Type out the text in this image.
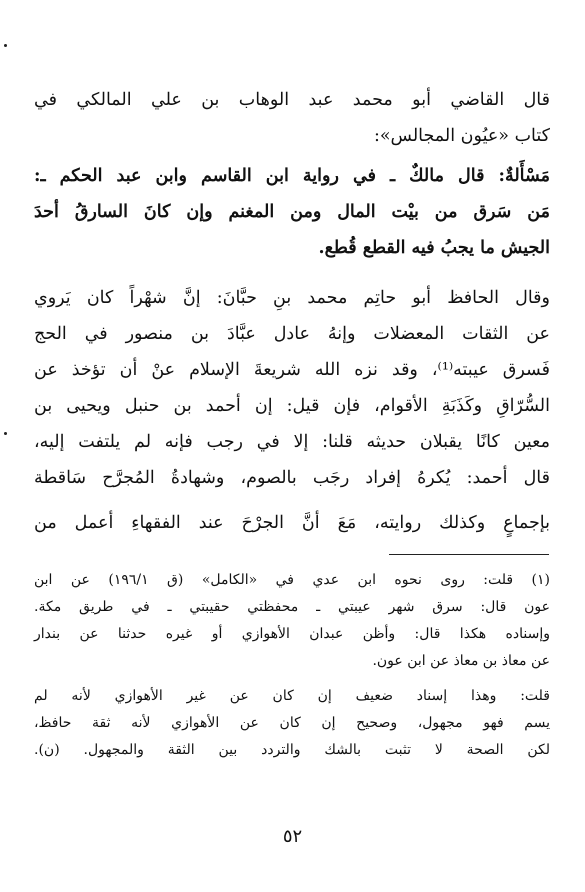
قال القاضي أبو محمد عبد الوهاب بن علي المالكي في
كتاب «عيُون المجالس»:
مَسْأَلةٌ: قال مالكٌ ـ في رواية ابن القاسم وابن عبد الحكم ـ:
مَن سَرق من بيْت المال ومن المغنم وإن كانَ السارقُ أحدَ
الجيش ما يجبُ فيه القطع قُطع.
وقال الحافظ أبو حاتِم محمد بنِ حبَّانَ: إنَّ شهْراً كان يَروي
عن الثقات المعضلات وإنهُ عادل عبَّادَ بن منصور في الحج
فَسرق عيبته⁽¹⁾، وقد نزه الله شريعةَ الإسلام عنْ أن تؤخذ عن
السُّرّاقِ وكَذَبَةِ الأقوام، فإن قيل: إن أحمد بن حنبل ويحيى بن
معين كانًا يقبلان حديثه قلنا: إلا في رجب فإنه لم يلتفت إليه،
قال أحمد: يُكرهُ إفراد رجَب بالصوم، وشهادةُ المُجرَّح سَاقطة
بإجماعٍ وكذلك روايته، مَعَ أنَّ الجرْحَ عند الفقهاءِ أعمل من
(١) قلت: روى نحوه ابن عدي في «الكامل» (ق ١٩٦/١) عن ابن
عون قال: سرق شهر عيبتي ـ محفظتي حقيبتي ـ في طريق مكة.
وإسناده هكذا قال: وأظن عبدان الأهوازي أو غيره حدثنا عن بندار
عن معاذ بن معاذ عن ابن عون.
قلت: وهذا إسناد ضعيف إن كان عن غير الأهوازي لأنه لم
يسم فهو مجهول، وصحيح إن كان عن الأهوازي لأنه ثقة حافظ،
لكن الصحة لا تثبت بالشك والتردد بين الثقة والمجهول. (ن).
٥٢
